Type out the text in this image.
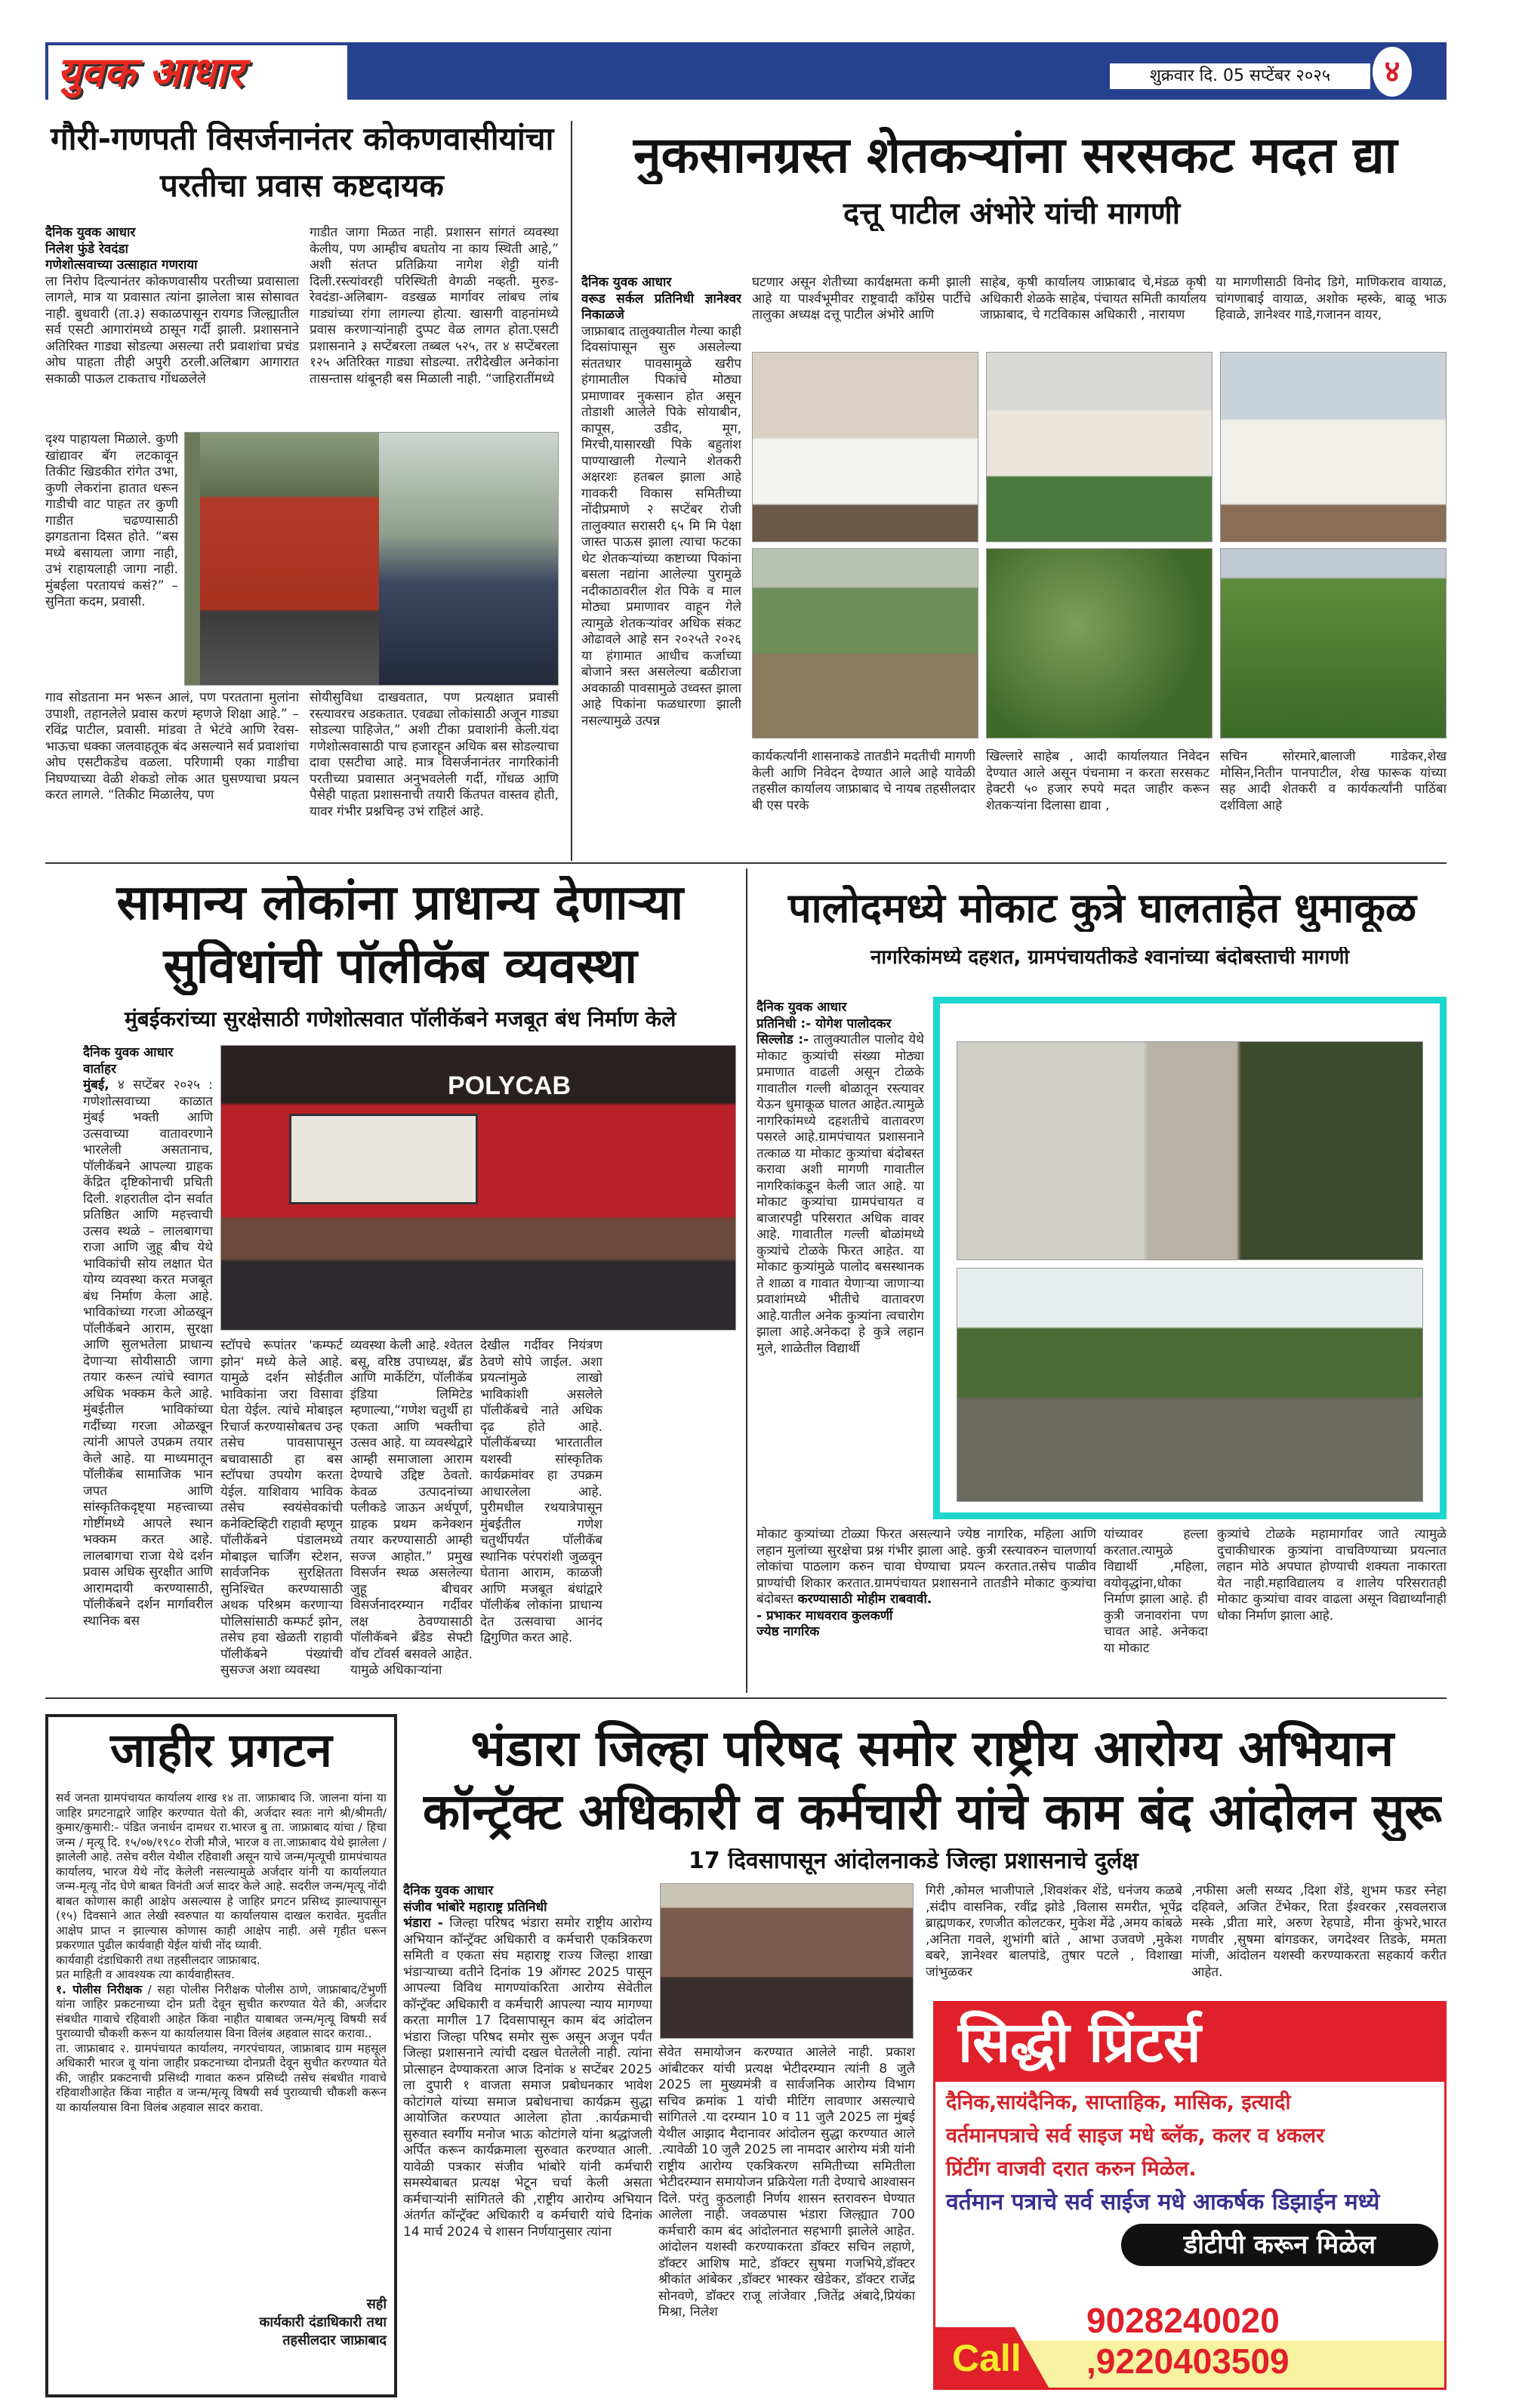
युवक आधार	शुक्रवार दि. 05 सप्टेंबर २०२५	४
गौरी-गणपती विसर्जनानंतर कोकणवासीयांचा
परतीचा प्रवास कष्टदायक
दैनिक युवक आधार
निलेश फुंडे रेवदंडा
गणेशोत्सवाच्या उत्साहात गणराया
ला निरोप दिल्यानंतर कोकणवासीय परतीच्या प्रवासाला लागले, मात्र या प्रवासात त्यांना झालेला त्रास सोसावत नाही. बुधवारी (ता.३) सकाळपासून रायगड जिल्ह्यातील सर्व एसटी आगारांमध्ये ठासून गर्दी झाली. प्रशासनाने अतिरिक्त गाड्या सोडल्या असल्या तरी प्रवाशांचा प्रचंड ओघ पाहता तीही अपुरी ठरली.अलिबाग आगारात सकाळी पाऊल टाकताच गोंधळलेले
गाडीत जागा मिळत नाही. प्रशासन सांगतं व्यवस्था केलीय, पण आम्हीच बघतोय ना काय स्थिती आहे,” अशी संतप्त प्रतिक्रिया नागेश शेट्टी यांनी दिली.रस्त्यांवरही परिस्थिती वेगळी नव्हती. मुरुड-रेवदंडा-अलिबाग- वडखळ मार्गावर लांबच लांब गाड्यांच्या रांगा लागल्या होत्या. खासगी वाहनांमध्ये प्रवास करणाऱ्यांनाही दुप्पट वेळ लागत होता.एसटी प्रशासनाने ३ सप्टेंबरला तब्बल ५२५, तर ४ सप्टेंबरला १२५ अतिरिक्त गाड्या सोडल्या. तरीदेखील अनेकांना तासन्तास थांबूनही बस मिळाली नाही. “जाहिरातींमध्ये
दृश्य पाहायला मिळाले. कुणी खांद्यावर बॅग लटकावून तिकीट खिडकीत रांगेत उभा, कुणी लेकरांना हातात धरून गाडीची वाट पाहत तर कुणी गाडीत चढण्यासाठी झगडताना दिसत होते. “बस मध्ये बसायला जागा नाही, उभं राहायलाही जागा नाही. मुंबईला परतायचं कसं?” – सुनिता कदम, प्रवासी.
गाव सोडताना मन भरून आलं, पण परतताना मुलांना उपाशी, तहानलेले प्रवास करणं म्हणजे शिक्षा आहे.” – रविंद्र पाटील, प्रवासी. मांडवा ते भेटंवे आणि रेवस-भाऊचा धक्का जलवाहतूक बंद असल्याने सर्व प्रवाशांचा ओघ एसटीकडेच वळला. परिणामी एका गाडीचा निघण्याच्या वेळी शेकडो लोक आत घुसण्याचा प्रयत्न करत लागले. “तिकीट मिळालेय, पण
सोयीसुविधा दाखवतात, पण प्रत्यक्षात प्रवासी रस्त्यावरच अडकतात. एवढ्या लोकांसाठी अजून गाड्या सोडल्या पाहिजेत,” अशी टीका प्रवाशांनी केली.यंदा गणेशोत्सवासाठी पाच हजारहून अधिक बस सोडल्याचा दावा एसटीचा आहे. मात्र विसर्जनानंतर नागरिकांनी परतीच्या प्रवासात अनुभवलेली गर्दी, गोंधळ आणि पैसेही पाहता प्रशासनाची तयारी किंतपत वास्तव होती, यावर गंभीर प्रश्नचिन्ह उभं राहिलं आहे.
नुकसानग्रस्त शेतकऱ्यांना सरसकट मदत द्या
दत्तू पाटील अंभोरे यांची मागणी
दैनिक युवक आधार
वरूड सर्कल प्रतिनिधी ज्ञानेश्वर निकाळजे
जाफ्राबाद तालुक्यातील गेल्या काही दिवसांपासून सुरु असलेल्या संततधार पावसामुळे खरीप हंगामातील पिकांचे मोठ्या प्रमाणावर नुकसान होत असून तोडाशी आलेले पिके सोयाबीन, कापूस, उडीद, मूग, मिरची,यासारखी पिके बहुतांश पाण्याखाली गेल्याने शेतकरी अक्षरशः हतबल झाला आहे गावकरी विकास समितीच्या नोंदीप्रमाणे २ सप्टेंबर रोजी तालुक्यात सरासरी ६५ मि मि पेक्षा जास्त पाऊस झाला त्याचा फटका थेट शेतकऱ्यांच्या कष्टाच्या पिकांना बसला नद्यांना आलेल्या पुरामुळे नदीकाठावरील शेत पिके व माल मोठ्या प्रमाणावर वाहून गेले त्यामुळे शेतकऱ्यांवर अधिक संकट ओढावले आहे सन २०२५ते २०२६ या हंगामात आधीच कर्जाच्या बोजाने त्रस्त असलेल्या बळीराजा अवकाळी पावसामुळे उध्वस्त झाला आहे पिकांना फळधारणा झाली नसल्यामुळे उत्पन्न
घटणार असून शेतीच्या कार्यक्षमता कमी झाली आहे या पार्श्वभूमीवर राष्ट्रवादी कॉंग्रेस पार्टीचे तालुका अध्यक्ष दत्तू पाटील अंभोरे आणि
साहेब, कृषी कार्यालय जाफ्राबाद चे,मंडळ कृषी अधिकारी शेळके साहेब, पंचायत समिती कार्यालय जाफ्राबाद, चे गटविकास अधिकारी , नारायण
या मागणीसाठी विनोद डिगे, माणिकराव वायाळ, चांगणाबाई वायाळ, अशोक म्हस्के, बाळू भाऊ हिवाळे, ज्ञानेश्वर गाडे,गजानन वायर,
कार्यकर्त्यांनी शासनाकडे तातडीने मदतीची मागणी केली आणि निवेदन देण्यात आले आहे यावेळी तहसील कार्यालय जाफ्राबाद चे नायब तहसीलदार बी एस परके
खिल्लारे साहेब , आदी कार्यालयात निवेदन देण्यात आले असून पंचनामा न करता सरसकट हेक्टरी ५० हजार रुपये मदत जाहीर करून शेतकऱ्यांना दिलासा द्यावा ,
सचिन सोरमारे,बालाजी गाडेकर,शेख मोसिन,नितीन पानपाटील, शेख फारूक यांच्या सह आदी शेतकरी व कार्यकर्त्यांनी पाठिंबा दर्शविला आहे
सामान्य लोकांना प्राधान्य देणाऱ्या
सुविधांची पॉलीकॅब व्यवस्था
मुंबईकरांच्या सुरक्षेसाठी गणेशोत्सवात पॉलीकॅबने मजबूत बंध निर्माण केले
दैनिक युवक आधार
वार्ताहर
मुंबई, ४ सप्टेंबर २०२५ : गणेशोत्सवाच्या काळात मुंबई भक्ती आणि उत्सवाच्या वातावरणाने भारलेली असतानाच, पॉलीकॅबने आपल्या ग्राहक केंद्रित दृष्टिकोनाची प्रचिती दिली. शहरातील दोन सर्वात प्रतिष्ठित आणि महत्त्वाची उत्सव स्थळे – लालबागचा राजा आणि जुहू बीच येथे भाविकांची सोय लक्षात घेत योग्य व्यवस्था करत मजबूत बंध निर्माण केला आहे. भाविकांच्या गरजा ओळखून पॉलीकॅबने आराम, सुरक्षा आणि सुलभतेला प्राधान्य देणाऱ्या सोयीसाठी जागा तयार करून त्यांचे स्वागत अधिक भक्कम केले आहे. मुंबईतील भाविकांच्या गर्दीच्या गरजा ओळखून त्यांनी आपले उपक्रम तयार केले आहे. या माध्यमातून पॉलीकॅब सामाजिक भान जपत आणि सांस्कृतिकदृष्ट्या महत्त्वाच्या गोष्टींमध्ये आपले स्थान भक्कम करत आहे. लालबागचा राजा येथे दर्शन प्रवास अधिक सुरक्षीत आणि आरामदायी करण्यासाठी, पॉलीकॅबने दर्शन मार्गावरील स्थानिक बस
POLYCAB
स्टॉपचे रूपांतर 'कम्फर्ट झोन' मध्ये केले आहे. यामुळे दर्शन सोईतील भाविकांना जरा विसावा घेता येईल. त्यांचे मोबाइल रिचार्ज करण्यासोबतच उन्ह तसेच पावसापासून बचावासाठी हा बस स्टॉपचा उपयोग करता येईल. याशिवाय भाविक तसेच स्वयंसेवकांची कनेक्टिव्हिटी राहावी म्हणून पॉलीकॅबने पंडालमध्ये मोबाइल चार्जिंग स्टेशन, सार्वजनिक सुरक्षितता सुनिश्चित करण्यासाठी अथक परिश्रम करणाऱ्या पोलिसांसाठी कम्फर्ट झोन, तसेच हवा खेळती राहावी पॉलीकॅबने पंख्यांची सुसज्ज अशा व्यवस्था
व्यवस्था केली आहे. श्वेतल बसू, वरिष्ठ उपाध्यक्ष, ब्रँड आणि मार्केटिंग, पॉलीकॅब इंडिया लिमिटेड म्हणाल्या,“गणेश चतुर्थी हा एकता आणि भक्तीचा उत्सव आहे. या व्यवस्थेद्वारे आम्ही समाजाला आराम देण्याचे उद्दिष्ट ठेवतो. केवळ उत्पादनांच्या पलीकडे जाऊन अर्थपूर्ण, ग्राहक प्रथम कनेक्शन तयार करण्यासाठी आम्ही सज्ज आहोत.” प्रमुख विसर्जन स्थळ असलेल्या जुहू बीचवर विसर्जनादरम्यान गर्दीवर लक्ष ठेवण्यासाठी पॉलीकॅबने ब्रँडेड सेफ्टी वॉच टॉवर्स बसवले आहेत. यामुळे अधिकाऱ्यांना
देखील गर्दीवर नियंत्रण ठेवणे सोपे जाईल. अशा प्रयत्नांमुळे लाखो भाविकांशी असलेले पॉलीकॅबचे नाते अधिक दृढ होते आहे. पॉलीकॅबच्या भारतातील यशस्वी सांस्कृतिक कार्यक्रमांवर हा उपक्रम आधारलेला आहे. पुरीमधील रथयात्रेपासून मुंबईतील गणेश चतुर्थीपर्यंत पॉलीकॅब स्थानिक परंपरांशी जुळवून घेताना आराम, काळजी आणि मजबूत बंधांद्वारे पॉलीकॅब लोकांना प्राधान्य देत उत्सवाचा आनंद द्विगुणित करत आहे.
पालोदमध्ये मोकाट कुत्रे घालताहेत धुमाकूळ
नागरिकांमध्ये दहशत, ग्रामपंचायतीकडे श्वानांच्या बंदोबस्ताची मागणी
दैनिक युवक आधार
प्रतिनिधी :- योगेश पालोदकर
सिल्लोड :- तालुक्यातील पालोद येथे मोकाट कुत्र्यांची संख्या मोठ्या प्रमाणात वाढली असून टोळके गावातील गल्ली बोळातून रस्त्यावर येऊन धुमाकूळ घालत आहेत.त्यामुळे नागरिकांमध्ये दहशतीचे वातावरण पसरले आहे.ग्रामपंचायत प्रशासनाने तत्काळ या मोकाट कुत्र्यांचा बंदोबस्त करावा अशी मागणी गावातील नागरिकांकडून केली जात आहे. या मोकाट कुत्र्यांचा ग्रामपंचायत व बाजारपट्टी परिसरात अधिक वावर आहे. गावातील गल्ली बोळांमध्ये कुत्र्यांचे टोळके फिरत आहेत. या मोकाट कुत्र्यांमुळे पालोद बसस्थानक ते शाळा व गावात येणाऱ्या जाणाऱ्या प्रवाशांमध्ये भीतीचे वातावरण आहे.यातील अनेक कुत्र्यांना त्वचारोग झाला आहे.अनेकदा हे कुत्रे लहान मुले, शाळेतील विद्यार्थी
मोकाट कुत्र्यांच्या टोळ्या फिरत असल्याने ज्येष्ठ नागरिक, महिला आणि लहान मुलांच्या सुरक्षेचा प्रश्न गंभीर झाला आहे. कुत्री रस्त्यावरुन चालणार्या लोकांचा पाठलाग करुन चावा घेण्याचा प्रयत्न करतात.तसेच पाळीव प्राण्यांची शिकार करतात.ग्रामपंचायत प्रशासनाने तातडीने मोकाट कुत्र्यांचा बंदोबस्त करण्यासाठी मोहीम राबवावी.
- प्रभाकर माधवराव कुलकर्णी
ज्येष्ठ नागरिक
यांच्यावर हल्ला करतात.त्यामुळे विद्यार्थी ,महिला, वयोवृद्धांना,धोका निर्माण झाला आहे. ही कुत्री जनावरांना पण चावत आहे. अनेकदा या मोकाट
कुत्र्यांचे टोळके महामार्गावर जाते त्यामुळे दुचाकीधारक कुत्र्यांना वाचविण्याच्या प्रयत्नात लहान मोठे अपघात होण्याची शक्यता नाकारता येत नाही.महाविद्यालय व शालेय परिसरातही मोकाट कुत्र्यांचा वावर वाढला असून विद्यार्थ्यांनाही धोका निर्माण झाला आहे.
जाहीर प्रगटन

सर्व जनता ग्रामपंचायत कार्यालय शाख १४ ता. जाफ्राबाद जि. जालना यांना या जाहिर प्रगटनाद्वारे जाहिर करण्यात येतो की, अर्जदार स्वतः नागे श्री/श्रीमती/कुमार/कुमारी:- पंडित जनार्धन दामधर रा.भारज बु ता. जाफ्राबाद यांचा / हिचा जन्म / मृत्यू दि. १५/०७/१९८० रोजी मौजे, भारज व ता.जाफ्राबाद येथे झालेला / झालेली आहे. तसेच वरील येथील रहिवाशी असून याचे जन्म/मृत्यूची ग्रामपंचायत कार्यालय, भारज येथे नोंद केलेली नसल्यामुळे अर्जदार यांनी या कार्यालयात जन्म-मृत्यू नोंद घेणे बाबत विनंती अर्ज सादर केले आहे. सदरील जन्म/मृत्यू नोंदी बाबत कोणास काही आक्षेप असल्यास हे जाहिर प्रगटन प्रसिध्द झाल्यापासून (१५) दिवसाने आत लेखी स्वरुपात या कार्यालयास दाखल करावेत. मुदतीत आक्षेप प्राप्त न झाल्यास कोणास काही आक्षेप नाही. असे गृहीत धरून प्रकरणात पुढील कार्यवाही येईल यांची नोंद घ्यावी.

कार्यवाही दंडाधिकारी तथा तहसीलदार जाफ्राबाद.

प्रत माहिती व आवश्यक त्या कार्यवाहीस्तव.

१. पोलीस निरीक्षक / सहा पोलीस निरीक्षक पोलीस ठाणे, जाफ्राबाद/टेंभुर्णी यांना जाहिर प्रकटनाच्या दोन प्रती देवून सुचीत करण्यात येते की, अर्जदार संबधीत गावाचे रहिवाशी आहेत किंवा नाहीत याबाबत जन्म/मृत्यू विषयी सर्व पुराव्याची चौकशी करून या कार्यालयास विना विलंब अहवाल सादर करावा..

ता. जाफ्राबाद २. ग्रामपंचायत कार्यालय, नगरपंचायत, जाफ्राबाद ग्राम महसूल अधिकारी भारज वू यांना जाहीर प्रकटनाच्या दोनप्रती देवून सुचीत करण्यात येते की, जाहीर प्रकटनाची प्रसिध्दी गावात करुन प्रसिध्दी तसेच संबधीत गावाचे रहिवाशीआहेत किंवा नाहीत व जन्म/मृत्यू विषयी सर्व पुराव्याची चौकशी करून या कार्यालयास विना विलंब अहवाल सादर करावा.

सही
कार्यकारी दंडाधिकारी तथा
तहसीलदार जाफ्राबाद
भंडारा जिल्हा परिषद समोर राष्ट्रीय आरोग्य अभियान
कॉन्ट्रॅक्ट अधिकारी व कर्मचारी यांचे काम बंद आंदोलन सुरू
17 दिवसापासून आंदोलनाकडे जिल्हा प्रशासनाचे दुर्लक्ष
दैनिक युवक आधार
संजीव भांबोरे महाराष्ट्र प्रतिनिधी
भंडारा - जिल्हा परिषद भंडारा समोर राष्ट्रीय आरोग्य अभियान कॉन्ट्रॅक्ट अधिकारी व कर्मचारी एकत्रिकरण समिती व एकता संघ महाराष्ट्र राज्य जिल्हा शाखा भंडाऱ्याच्या वतीने दिनांक 19 ऑगस्ट 2025 पासून आपल्या विविध मागण्यांकरिता आरोग्य सेवेतील कॉन्ट्रॅक्ट अधिकारी व कर्मचारी आपल्या न्याय मागण्या करता मागील 17 दिवसापासून काम बंद आंदोलन भंडारा जिल्हा परिषद समोर सुरू असून अजून पर्यंत जिल्हा प्रशासनाने त्यांची दखल घेतलेली नाही. त्यांना प्रोत्साहन देण्याकरता आज दिनांक ४ सप्टेंबर 2025 ला दुपारी १ वाजता समाज प्रबोधनकार भावेश कोटांगले यांच्या समाज प्रबोधनाचा कार्यक्रम सुद्धा आयोजित करण्यात आलेला होता .कार्यक्रमाची सुरुवात स्वर्गीय मनोज भाऊ कोटांगले यांना श्रद्धांजली अर्पित करून कार्यक्रमाला सुरुवात करण्यात आली. यावेळी पत्रकार संजीव भांबोरे यांनी कर्मचारी समस्येबाबत प्रत्यक्ष भेटून चर्चा केली असता कर्मचाऱ्यांनी सांगितले की ,राष्ट्रीय आरोग्य अभियान अंतर्गत कॉन्ट्रॅक्ट अधिकारी व कर्मचारी यांचे दिनांक 14 मार्च 2024 चे शासन निर्णयानुसार त्यांना
सेवेत समायोजन करण्यात आलेले नाही. प्रकाश आंबीटकर यांची प्रत्यक्ष भेटीदरम्यान त्यांनी 8 जुलै 2025 ला मुख्यमंत्री व सार्वजनिक आरोग्य विभाग सचिव क्रमांक 1 यांची मीटिंग लावणार असल्याचे सांगितले .या दरम्यान 10 व 11 जुलै 2025 ला मुंबई येथील आझाद मैदानावर आंदोलन सुद्धा करण्यात आले .त्यावेळी 10 जुलै 2025 ला नामदार आरोग्य मंत्री यांनी राष्ट्रीय आरोग्य एकत्रिकरण समितीच्या समितीला भेटीदरम्यान समायोजन प्रक्रियेला गती देण्याचे आश्वासन दिले. परंतु कुठलाही निर्णय शासन स्तरावरुन घेण्यात आलेला नाही. जवळपास भंडारा जिल्ह्यात 700 कर्मचारी काम बंद आंदोलनात सहभागी झालेले आहेत. आंदोलन यशस्वी करण्याकरता डॉक्टर सचिन लहाणे, डॉक्टर आशिष माटे, डॉक्टर सुषमा गजभिये,डॉक्टर श्रीकांत आंबेकर ,डॉक्टर भास्कर खेडेकर, डॉक्टर राजेंद्र सोनवणे, डॉक्टर राजू लांजेवार ,जितेंद्र अंबादे,प्रियंका मिश्रा, निलेश
गिरी ,कोमल भाजीपाले ,शिवशंकर शेंडे, धनंजय कळबे ,संदीप वासनिक, रवींद्र झोडे ,विलास समरीत, भूपेंद्र ब्राह्मणकर, रणजीत कोलटकर, मुकेश मेंढे ,अमय कांबळे ,अनिता गवले, शुभांगी बांते , आभा उजवणे ,मुकेश बबरे, ज्ञानेश्वर बालपांडे, तुषार पटले , विशाखा जांभुळकर
,नफीसा अली सय्यद ,दिशा शेंडे, शुभम फडर स्नेहा दहिवले, अजित टेंभेकर, रिता ईश्वरकर ,रसवलराज मस्के ,प्रीता मारे, अरुण रेहपाडे, मीना कुंभरे,भारत गणवीर ,सुषमा बांगडकर, जगदेश्वर तिडके, ममता मांजी, आंदोलन यशस्वी करण्याकरता सहकार्य करीत आहेत.
सिद्धी प्रिंटर्स
दैनिक,सायंदैनिक, साप्ताहिक, मासिक, इत्यादी
वर्तमानपत्राचे सर्व साइज मधे ब्लॅक, कलर व ४कलर
प्रिंटींग वाजवी दरात करुन मिळेल.
वर्तमान पत्राचे सर्व साईज मधे आकर्षक डिझाईन मध्ये
डीटीपी करून मिळेल
Call
9028240020 ,9220403509
